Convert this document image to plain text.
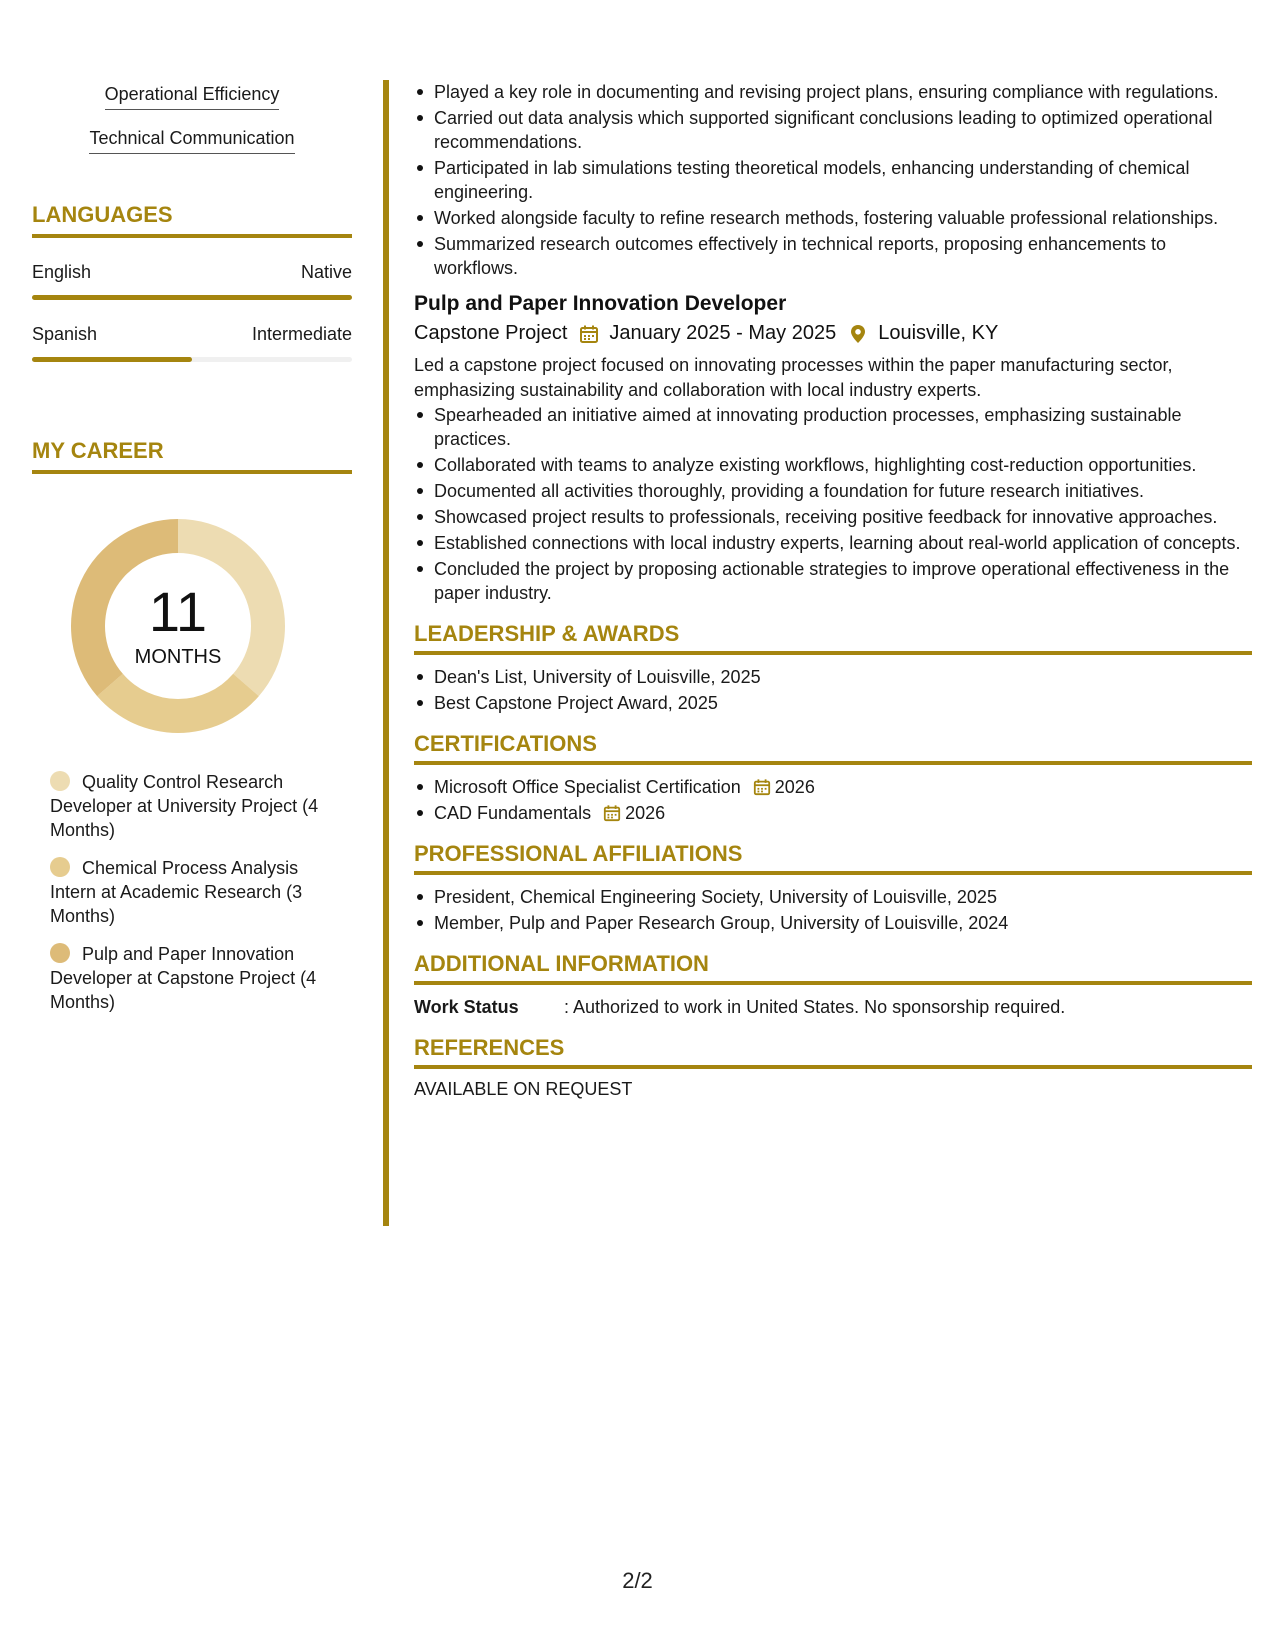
Operational Efficiency
Technical Communication
LANGUAGES
English	Native
Spanish	Intermediate
MY CAREER
11
MONTHS
Quality Control Research Developer at University Project (4 Months)
Chemical Process Analysis Intern at Academic Research (3 Months)
Pulp and Paper Innovation Developer at Capstone Project (4 Months)
Played a key role in documenting and revising project plans, ensuring compliance with regulations.
Carried out data analysis which supported significant conclusions leading to optimized operational recommendations.
Participated in lab simulations testing theoretical models, enhancing understanding of chemical engineering.
Worked alongside faculty to refine research methods, fostering valuable professional relationships.
Summarized research outcomes effectively in technical reports, proposing enhancements to workflows.
Pulp and Paper Innovation Developer
Capstone Project January 2025 - May 2025 Louisville, KY
Led a capstone project focused on innovating processes within the paper manufacturing sector, emphasizing sustainability and collaboration with local industry experts.
Spearheaded an initiative aimed at innovating production processes, emphasizing sustainable practices.
Collaborated with teams to analyze existing workflows, highlighting cost-reduction opportunities.
Documented all activities thoroughly, providing a foundation for future research initiatives.
Showcased project results to professionals, receiving positive feedback for innovative approaches.
Established connections with local industry experts, learning about real-world application of concepts.
Concluded the project by proposing actionable strategies to improve operational effectiveness in the paper industry.
LEADERSHIP & AWARDS
Dean's List, University of Louisville, 2025
Best Capstone Project Award, 2025
CERTIFICATIONS
Microsoft Office Specialist Certification 2026
CAD Fundamentals 2026
PROFESSIONAL AFFILIATIONS
President, Chemical Engineering Society, University of Louisville, 2025
Member, Pulp and Paper Research Group, University of Louisville, 2024
ADDITIONAL INFORMATION
Work Status	: Authorized to work in United States. No sponsorship required.
REFERENCES
AVAILABLE ON REQUEST
2/2
